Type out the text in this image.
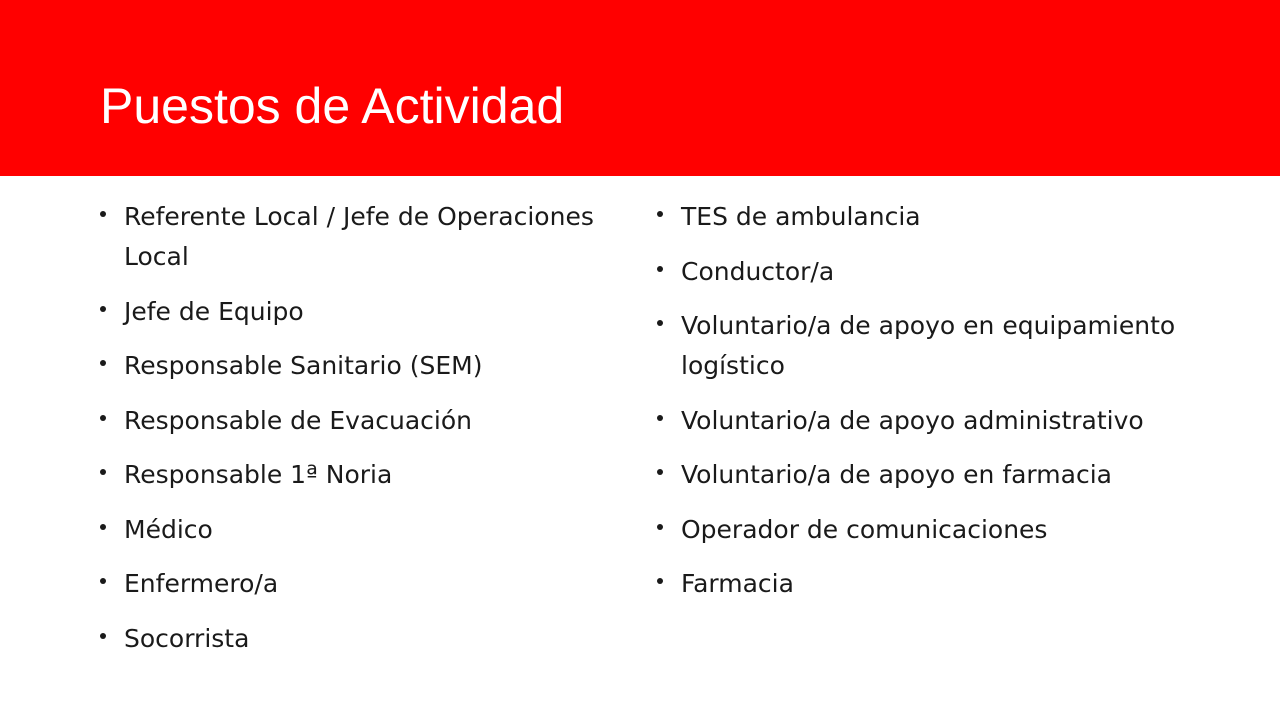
Puestos de Actividad
Referente Local / Jefe de Operaciones Local
Jefe de Equipo
Responsable Sanitario (SEM)
Responsable de Evacuación
Responsable 1ª Noria
Médico
Enfermero/a
Socorrista
TES de ambulancia
Conductor/a
Voluntario/a de apoyo en equipamiento logístico
Voluntario/a de apoyo administrativo
Voluntario/a de apoyo en farmacia
Operador de comunicaciones
Farmacia
